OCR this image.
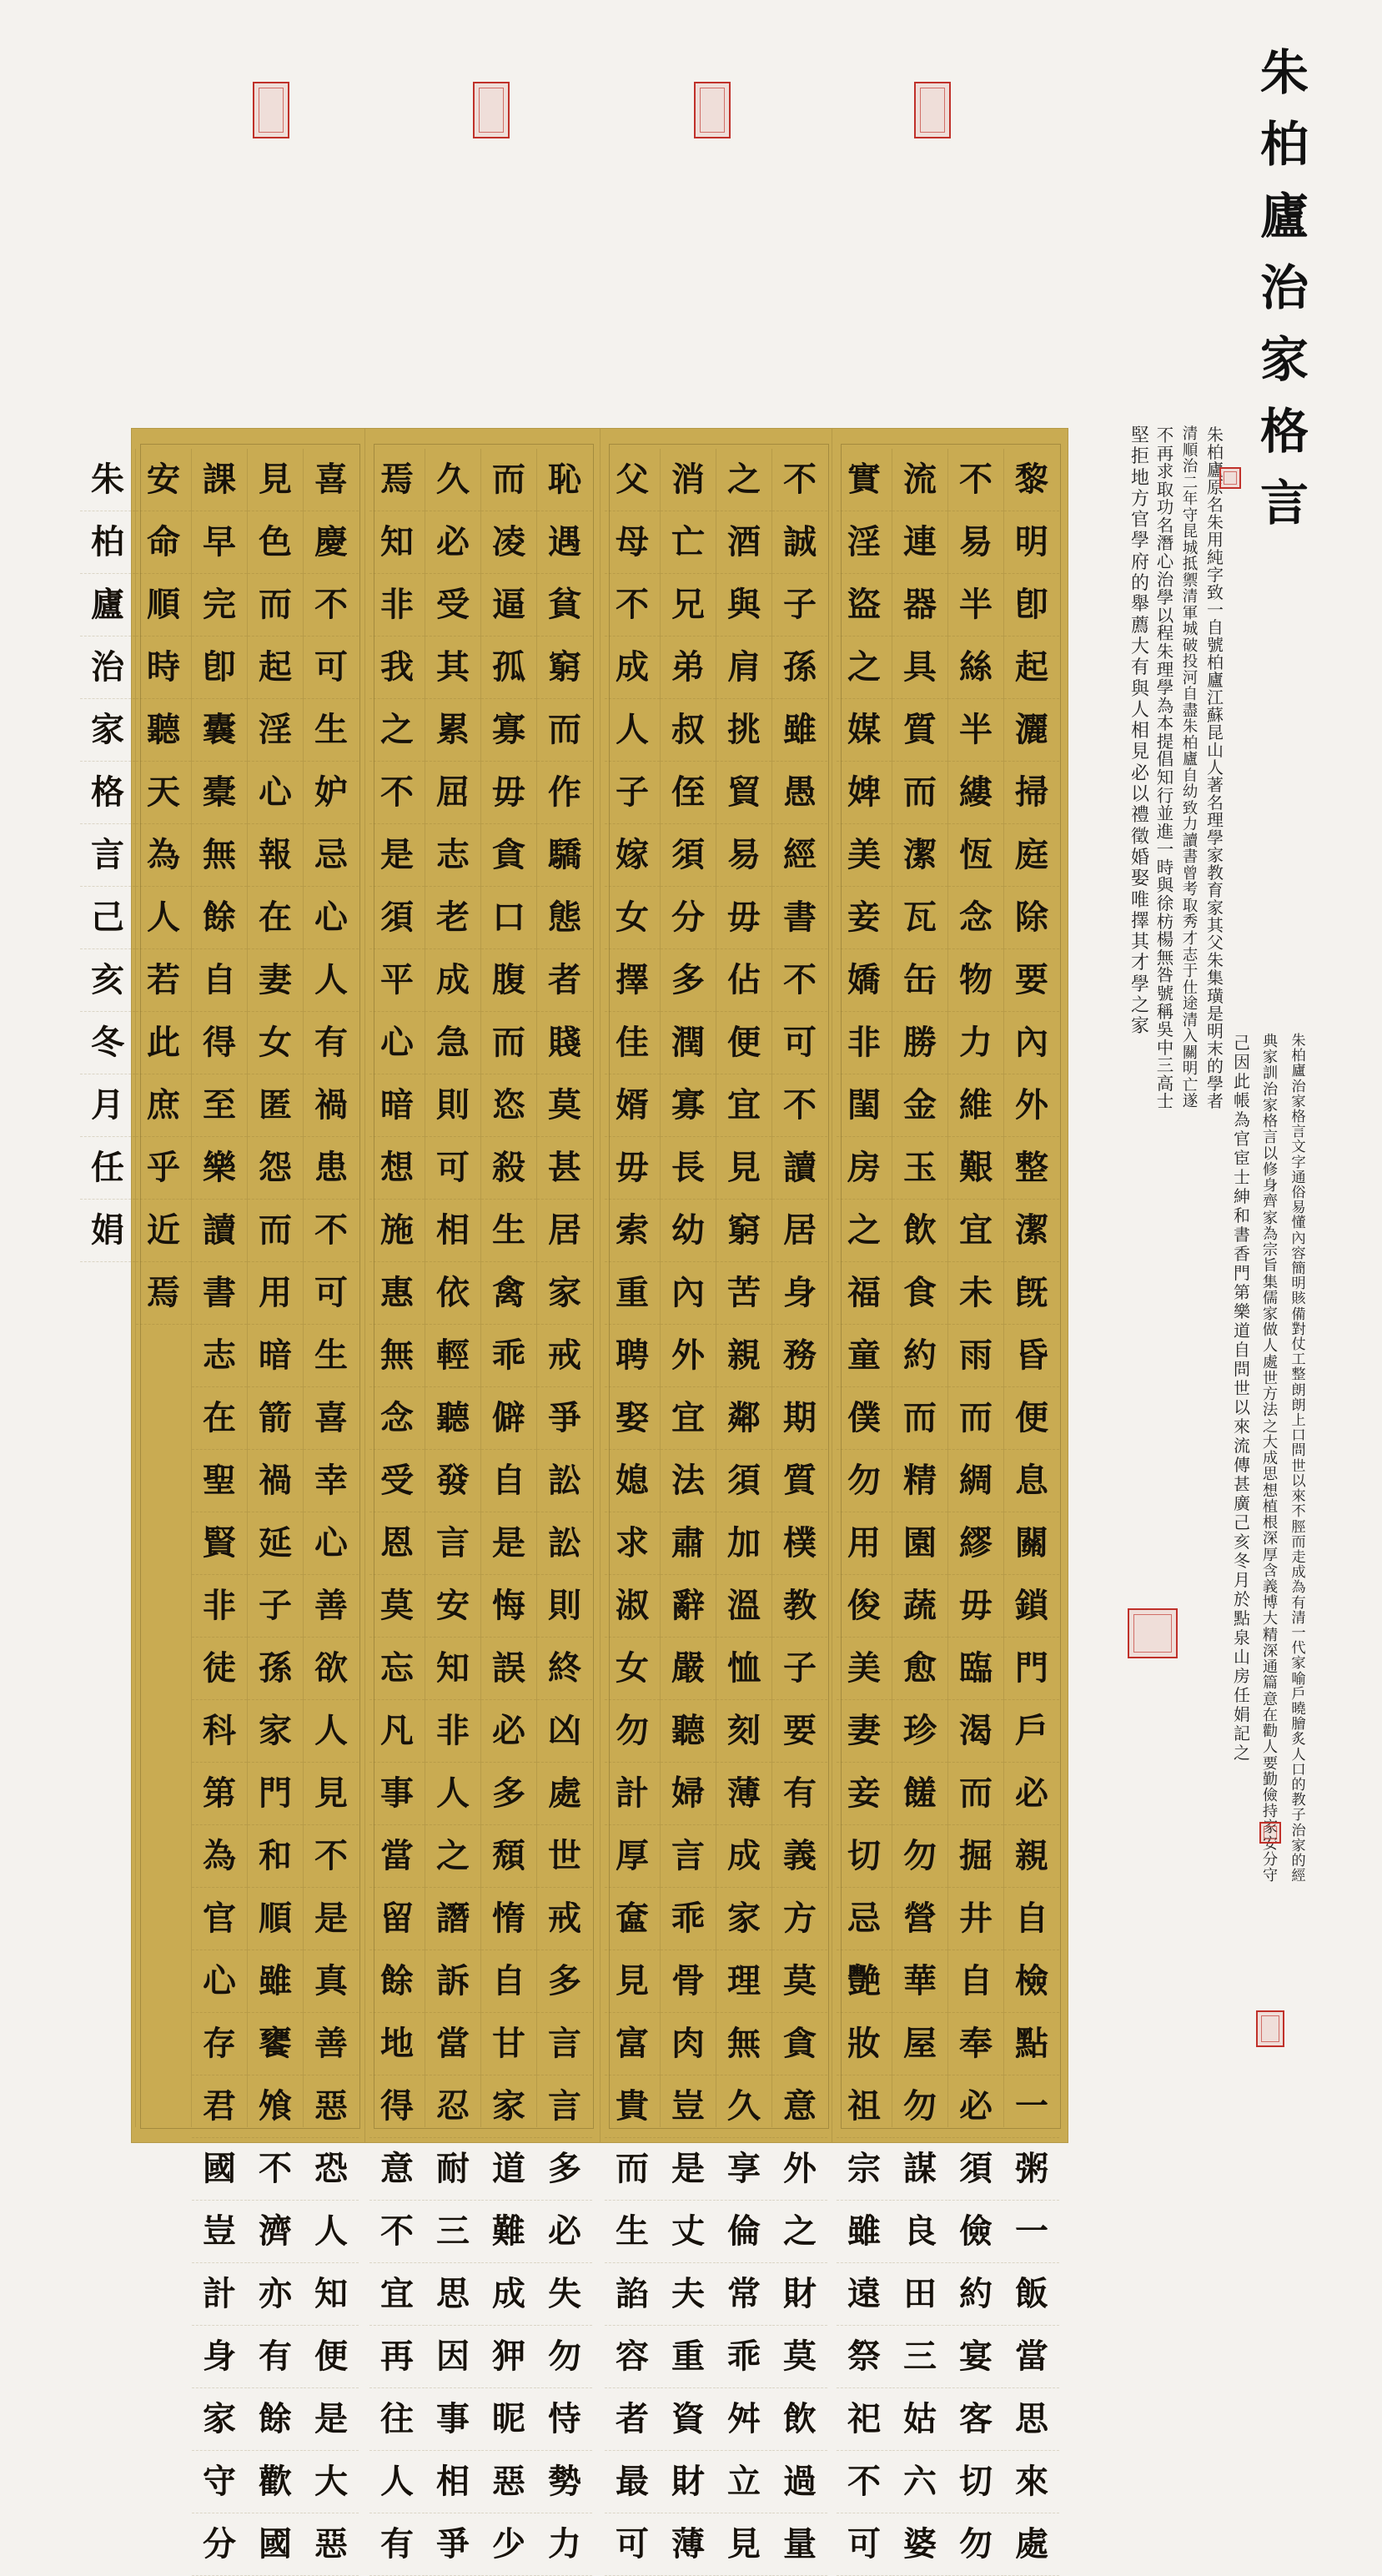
朱
柏
廬
治
家
格
言
喜
慶
不
可
生
妒
忌
心
人
有
禍
患
不
可
生
喜
幸
心
善
欲
人
見
不
是
真
善
惡
恐
人
知
便
是
大
惡
見
色
而
起
淫
心
報
在
妻
女
匿
怨
而
用
暗
箭
禍
延
子
孫
家
門
和
順
雖
饔
飧
不
濟
亦
有
餘
歡
國
課
早
完
卽
囊
橐
無
餘
自
得
至
樂
讀
書
志
在
聖
賢
非
徒
科
第
為
官
心
存
君
國
豈
計
身
家
守
分
安
命
順
時
聽
天
為
人
若
此
庶
乎
近
焉
朱
柏
廬
治
家
格
言
己
亥
冬
月
任
娟
恥
遇
貧
窮
而
作
驕
態
者
賤
莫
甚
居
家
戒
爭
訟
訟
則
終
凶
處
世
戒
多
言
言
多
必
失
勿
恃
勢
力
而
凌
逼
孤
寡
毋
貪
口
腹
而
恣
殺
生
禽
乖
僻
自
是
悔
誤
必
多
頹
惰
自
甘
家
道
難
成
狎
昵
惡
少
久
必
受
其
累
屈
志
老
成
急
則
可
相
依
輕
聽
發
言
安
知
非
人
之
譖
訴
當
忍
耐
三
思
因
事
相
爭
焉
知
非
我
之
不
是
須
平
心
暗
想
施
惠
無
念
受
恩
莫
忘
凡
事
當
留
餘
地
得
意
不
宜
再
往
人
有
不
誠
子
孫
雖
愚
經
書
不
可
不
讀
居
身
務
期
質
樸
教
子
要
有
義
方
莫
貪
意
外
之
財
莫
飲
過
量
之
酒
與
肩
挑
貿
易
毋
佔
便
宜
見
窮
苦
親
鄰
須
加
溫
恤
刻
薄
成
家
理
無
久
享
倫
常
乖
舛
立
見
消
亡
兄
弟
叔
侄
須
分
多
潤
寡
長
幼
內
外
宜
法
肅
辭
嚴
聽
婦
言
乖
骨
肉
豈
是
丈
夫
重
資
財
薄
父
母
不
成
人
子
嫁
女
擇
佳
婿
毋
索
重
聘
娶
媳
求
淑
女
勿
計
厚
奩
見
富
貴
而
生
諂
容
者
最
可
黎
明
卽
起
灑
掃
庭
除
要
內
外
整
潔
旣
昏
便
息
關
鎖
門
戶
必
親
自
檢
點
一
粥
一
飯
當
思
來
處
不
易
半
絲
半
縷
恆
念
物
力
維
艱
宜
未
雨
而
綢
繆
毋
臨
渴
而
掘
井
自
奉
必
須
儉
約
宴
客
切
勿
流
連
器
具
質
而
潔
瓦
缶
勝
金
玉
飲
食
約
而
精
園
蔬
愈
珍
饈
勿
營
華
屋
勿
謀
良
田
三
姑
六
婆
實
淫
盜
之
媒
婢
美
妾
嬌
非
閨
房
之
福
童
僕
勿
用
俊
美
妻
妾
切
忌
艷
妝
祖
宗
雖
遠
祭
祀
不
可
朱
柏
廬
原
名
朱
用
純
字
致
一
自
號
柏
廬
江
蘇
昆
山
人
著
名
理
學
家
教
育
家
其
父
朱
集
璜
是
明
末
的
學
者
清
順
治
二
年
守
昆
城
抵
禦
清
軍
城
破
投
河
自
盡
朱
柏
廬
自
幼
致
力
讀
書
曾
考
取
秀
才
志
于
仕
途
清
入
關
明
亡
遂
不
再
求
取
功
名
潛
心
治
學
以
程
朱
理
學
為
本
提
倡
知
行
並
進
一
時
與
徐
枋
楊
無
咎
號
稱
吳
中
三
高
士
堅
拒
地
方
官
學
府
的
舉
薦
大
有
與
人
相
見
必
以
禮
徵
婚
娶
唯
擇
其
才
學
之
家
朱
柏
廬
治
家
格
言
文
字
通
俗
易
懂
內
容
簡
明
賅
備
對
仗
工
整
朗
朗
上
口
問
世
以
來
不
脛
而
走
成
為
有
清
一
代
家
喻
戶
曉
膾
炙
人
口
的
教
子
治
家
的
經
典
家
訓
治
家
格
言
以
修
身
齊
家
為
宗
旨
集
儒
家
做
人
處
世
方
法
之
大
成
思
想
植
根
深
厚
含
義
博
大
精
深
通
篇
意
在
勸
人
要
勤
儉
持
家
安
分
守
己
因
此
帳
為
官
宦
士
紳
和
書
香
門
第
樂
道
自
問
世
以
來
流
傳
甚
廣
己
亥
冬
月
於
點
泉
山
房
任
娟
記
之
